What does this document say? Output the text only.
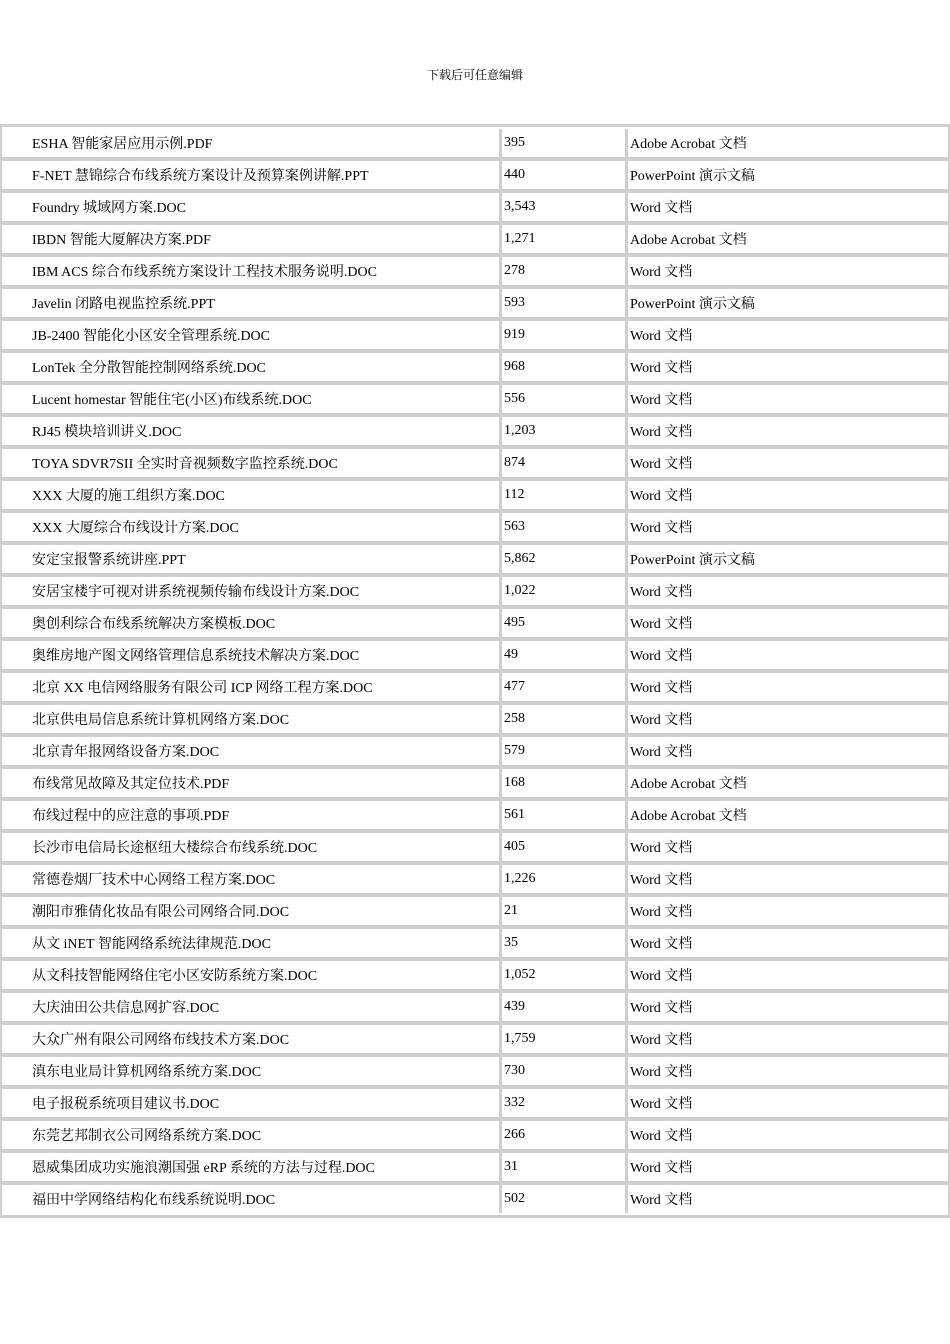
下载后可任意编辑
ESHA 智能家居应用示例.PDF	395	Adobe Acrobat 文档
F-NET 慧锦综合布线系统方案设计及预算案例讲解.PPT	440	PowerPoint 演示文稿
Foundry 城域网方案.DOC	3,543	Word 文档
IBDN 智能大厦解决方案.PDF	1,271	Adobe Acrobat 文档
IBM ACS 综合布线系统方案设计工程技术服务说明.DOC	278	Word 文档
Javelin 闭路电视监控系统.PPT	593	PowerPoint 演示文稿
JB-2400 智能化小区安全管理系统.DOC	919	Word 文档
LonTek 全分散智能控制网络系统.DOC	968	Word 文档
Lucent homestar 智能住宅(小区)布线系统.DOC	556	Word 文档
RJ45 模块培训讲义.DOC	1,203	Word 文档
TOYA SDVR7SII 全实时音视频数字监控系统.DOC	874	Word 文档
XXX 大厦的施工组织方案.DOC	112	Word 文档
XXX 大厦综合布线设计方案.DOC	563	Word 文档
安定宝报警系统讲座.PPT	5,862	PowerPoint 演示文稿
安居宝楼宇可视对讲系统视频传输布线设计方案.DOC	1,022	Word 文档
奥创利综合布线系统解决方案模板.DOC	495	Word 文档
奥维房地产图文网络管理信息系统技术解决方案.DOC	49	Word 文档
北京 XX 电信网络服务有限公司 ICP 网络工程方案.DOC	477	Word 文档
北京供电局信息系统计算机网络方案.DOC	258	Word 文档
北京青年报网络设备方案.DOC	579	Word 文档
布线常见故障及其定位技术.PDF	168	Adobe Acrobat 文档
布线过程中的应注意的事项.PDF	561	Adobe Acrobat 文档
长沙市电信局长途枢纽大楼综合布线系统.DOC	405	Word 文档
常德卷烟厂技术中心网络工程方案.DOC	1,226	Word 文档
潮阳市雅倩化妆品有限公司网络合同.DOC	21	Word 文档
从文 iNET 智能网络系统法律规范.DOC	35	Word 文档
从文科技智能网络住宅小区安防系统方案.DOC	1,052	Word 文档
大庆油田公共信息网扩容.DOC	439	Word 文档
大众广州有限公司网络布线技术方案.DOC	1,759	Word 文档
滇东电业局计算机网络系统方案.DOC	730	Word 文档
电子报税系统项目建议书.DOC	332	Word 文档
东莞艺邦制衣公司网络系统方案.DOC	266	Word 文档
恩威集团成功实施浪潮国强 eRP 系统的方法与过程.DOC	31	Word 文档
福田中学网络结构化布线系统说明.DOC	502	Word 文档
